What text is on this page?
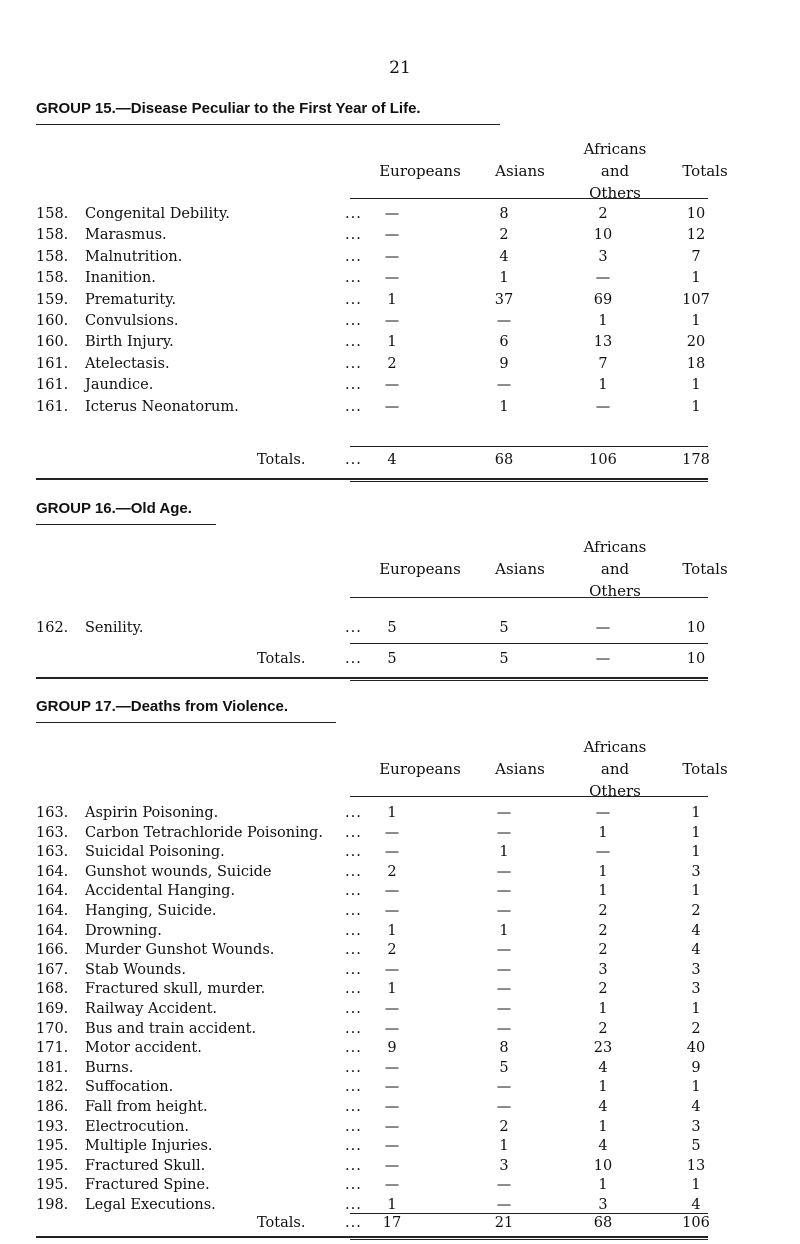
21
GROUP 15.—Disease Peculiar to the First Year of Life.
Europeans	Asians
Africans
and
Others
Totals
158. Congenital Debility.	...	—	8	2	10
158. Marasmus.	...	—	2	10	12
158. Malnutrition.	...	—	4	3	7
158. Inanition.	...	—	1	—	1
159. Prematurity.	...	1	37	69	107
160. Convulsions.	...	—	—	1	1
160. Birth Injury.	...	1	6	13	20
161. Atelectasis.	...	2	9	7	18
161. Jaundice.	...	—	—	1	1
161. Icterus Neonatorum.	...	—	1	—	1
Totals.	...	4	68	106	178
GROUP 16.—Old Age.
Europeans	Asians
Africans
and
Others
Totals
162. Senility.	...	5	5	—	10
Totals.	...	5	5	—	10
GROUP 17.—Deaths from Violence.
Europeans	Asians
Africans
and
Others
Totals
163. Aspirin Poisoning.	...	1	—	—	1
163. Carbon Tetrachloride Poisoning. ...	—	—	1	1
163. Suicidal Poisoning.	...	—	1	—	1
164. Gunshot wounds, Suicide	...	2	—	1	3
164. Accidental Hanging.	...	—	—	1	1
164. Hanging, Suicide.	...	—	—	2	2
164. Drowning.	...	1	1	2	4
166. Murder Gunshot Wounds.	...	2	—	2	4
167. Stab Wounds.	...	—	—	3	3
168. Fractured skull, murder.	...	1	—	2	3
169. Railway Accident.	...	—	—	1	1
170. Bus and train accident.	...	—	—	2	2
171. Motor accident.	...	9	8	23	40
181. Burns.	...	—	5	4	9
182. Suffocation.	...	—	—	1	1
186. Fall from height.	...	—	—	4	4
193. Electrocution.	...	—	2	1	3
195. Multiple Injuries.	...	—	1	4	5
195. Fractured Skull.	...	—	3	10	13
195. Fractured Spine.	...	—	—	1	1
198. Legal Executions.	...	1	—	3	4
Totals.	...	17	21	68	106
